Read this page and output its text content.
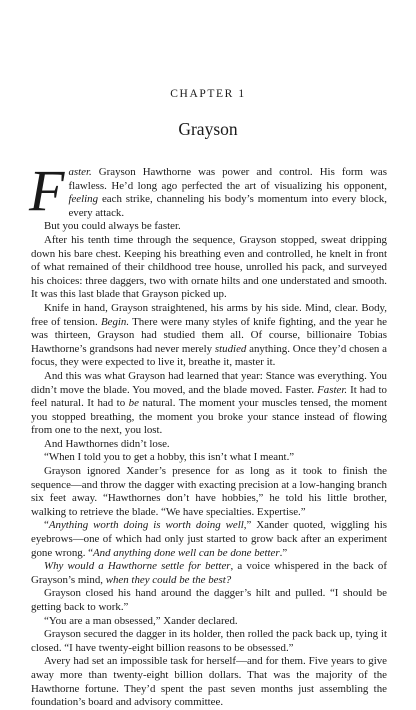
CHAPTER 1
Grayson

Faster. Grayson Hawthorne was power and control. His form was flawless. He’d long ago perfected the art of visualizing his opponent, feeling each strike, channeling his body’s momentum into every block, every attack.

But you could always be faster.

After his tenth time through the sequence, Grayson stopped, sweat dripping down his bare chest. Keeping his breathing even and controlled, he knelt in front of what remained of their childhood tree house, unrolled his pack, and surveyed his choices: three daggers, two with ornate hilts and one understated and smooth. It was this last blade that Grayson picked up.

Knife in hand, Grayson straightened, his arms by his side. Mind, clear. Body, free of tension. Begin. There were many styles of knife fighting, and the year he was thirteen, Grayson had studied them all. Of course, billionaire Tobias Hawthorne’s grandsons had never merely studied anything. Once they’d chosen a focus, they were expected to live it, breathe it, master it.

And this was what Grayson had learned that year: Stance was everything. You didn’t move the blade. You moved, and the blade moved. Faster. Faster. It had to feel natural. It had to be natural. The moment your muscles tensed, the moment you stopped breathing, the moment you broke your stance instead of flowing from one to the next, you lost.

And Hawthornes didn’t lose.

“When I told you to get a hobby, this isn’t what I meant.”

Grayson ignored Xander’s presence for as long as it took to finish the sequence—and throw the dagger with exacting precision at a low-hanging branch six feet away. “Hawthornes don’t have hobbies,” he told his little brother, walking to retrieve the blade. “We have specialties. Expertise.”

“Anything worth doing is worth doing well,” Xander quoted, wiggling his eyebrows—one of which had only just started to grow back after an experiment gone wrong. “And anything done well can be done better.”

Why would a Hawthorne settle for better, a voice whispered in the back of Grayson’s mind, when they could be the best?

Grayson closed his hand around the dagger’s hilt and pulled. “I should be getting back to work.”

“You are a man obsessed,” Xander declared.

Grayson secured the dagger in its holder, then rolled the pack back up, tying it closed. “I have twenty-eight billion reasons to be obsessed.”

Avery had set an impossible task for herself—and for them. Five years to give away more than twenty-eight billion dollars. That was the majority of the Hawthorne fortune. They’d spent the past seven months just assembling the foundation’s board and advisory committee.
